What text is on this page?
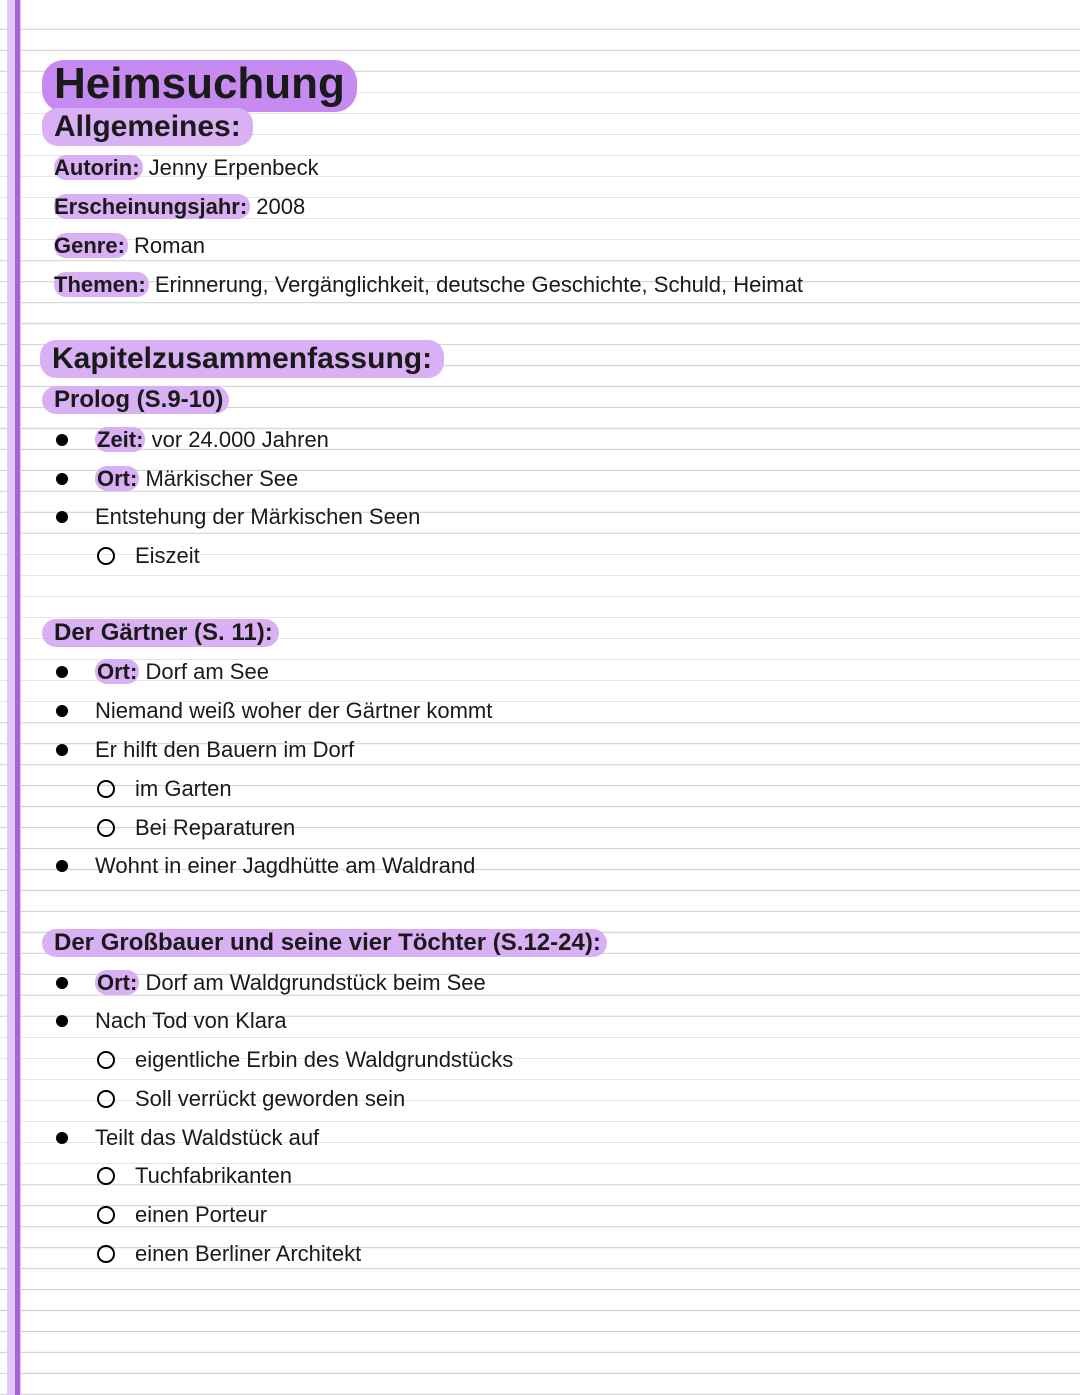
Heimsuchung
Allgemeines:
Autorin: Jenny Erpenbeck
Erscheinungsjahr: 2008
Genre: Roman
Themen: Erinnerung, Vergänglichkeit, deutsche Geschichte, Schuld, Heimat
Kapitelzusammenfassung:
Prolog (S.9-10)
Zeit: vor 24.000 Jahren
Ort: Märkischer See
Entstehung der Märkischen Seen
Eiszeit
Der Gärtner (S. 11):
Ort: Dorf am See
Niemand weiß woher der Gärtner kommt
Er hilft den Bauern im Dorf
im Garten
Bei Reparaturen
Wohnt in einer Jagdhütte am Waldrand
Der Großbauer und seine vier Töchter (S.12-24):
Ort: Dorf am Waldgrundstück beim See
Nach Tod von Klara
eigentliche Erbin des Waldgrundstücks
Soll verrückt geworden sein
Teilt das Waldstück auf
Tuchfabrikanten
einen Porteur
einen Berliner Architekt
